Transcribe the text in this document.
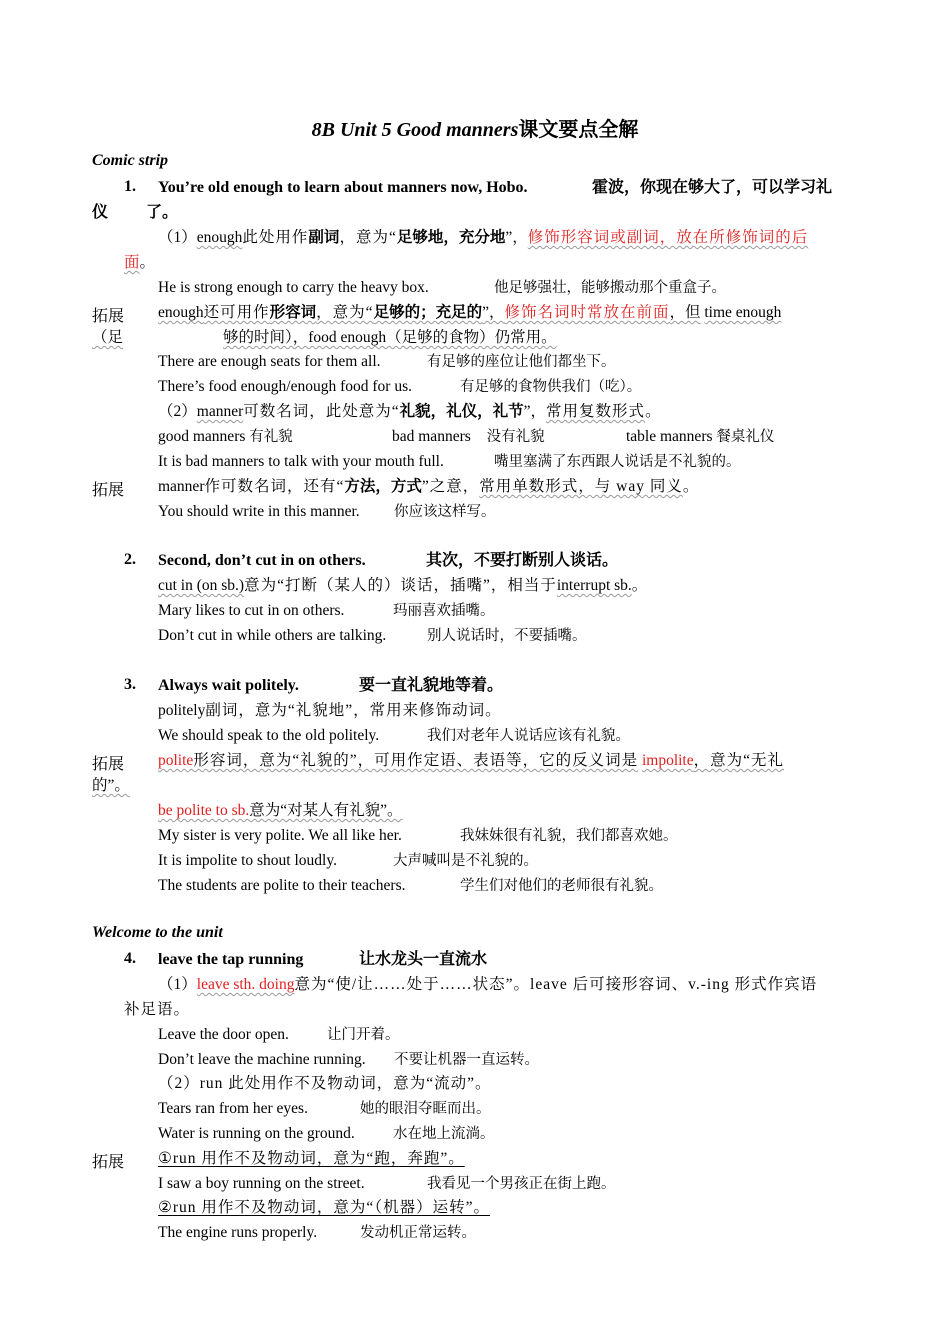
8B Unit 5 Good manners课文要点全解
Comic strip
1. You’re old enough to learn about manners now, Hobo.	霍波，你现在够大了，可以学习礼
仪 了。
（1）enough此处用作副词，意为“足够地，充分地”，修饰形容词或副词，放在所修饰词的后
面。
He is strong enough to carry the heavy box.	他足够强壮，能够搬动那个重盒子。
拓展 enough还可用作形容词，意为“足够的；充足的”，修饰名词时常放在前面，但 time enough
（足	够的时间），food enough（足够的食物）仍常用。
There are enough seats for them all.	有足够的座位让他们都坐下。
There’s food enough/enough food for us.	有足够的食物供我们（吃）。
（2）manner可数名词，此处意为“礼貌，礼仪，礼节”，常用复数形式。
good manners 有礼貌	bad manners 没有礼貌	table manners 餐桌礼仪
It is bad manners to talk with your mouth full.	嘴里塞满了东西跟人说话是不礼貌的。
拓展 manner作可数名词，还有“方法，方式”之意，常用单数形式，与 way 同义。
You should write in this manner. 你应该这样写。
2. Second, don’t cut in on others.	其次，不要打断别人谈话。
cut in (on sb.)意为“打断（某人的）谈话，插嘴”，相当于interrupt sb.。
Mary likes to cut in on others.	玛丽喜欢插嘴。
Don’t cut in while others are talking.	别人说话时，不要插嘴。
3. Always wait politely.	要一直礼貌地等着。
politely副词，意为“礼貌地”，常用来修饰动词。
We should speak to the old politely.	我们对老年人说话应该有礼貌。
拓展 polite形容词，意为“礼貌的”，可用作定语、表语等，它的反义词是 impolite，意为“无礼
的”。
be polite to sb.意为“对某人有礼貌”。
My sister is very polite. We all like her.	我妹妹很有礼貌，我们都喜欢她。
It is impolite to shout loudly.	大声喊叫是不礼貌的。
The students are polite to their teachers.	学生们对他们的老师很有礼貌。
Welcome to the unit
4. leave the tap running	让水龙头一直流水
（1）leave sth. doing意为“使/让……处于……状态”。leave 后可接形容词、v.-ing 形式作宾语
补足语。
Leave the door open.	让门开着。
Don’t leave the machine running. 不要让机器一直运转。
（2）run 此处用作不及物动词，意为“流动”。
Tears ran from her eyes.	她的眼泪夺眶而出。
Water is running on the ground.	水在地上流淌。
拓展 ①run 用作不及物动词，意为“跑，奔跑”。
I saw a boy running on the street.	我看见一个男孩正在街上跑。
②run 用作不及物动词，意为“（机器）运转”。
The engine runs properly.	发动机正常运转。
